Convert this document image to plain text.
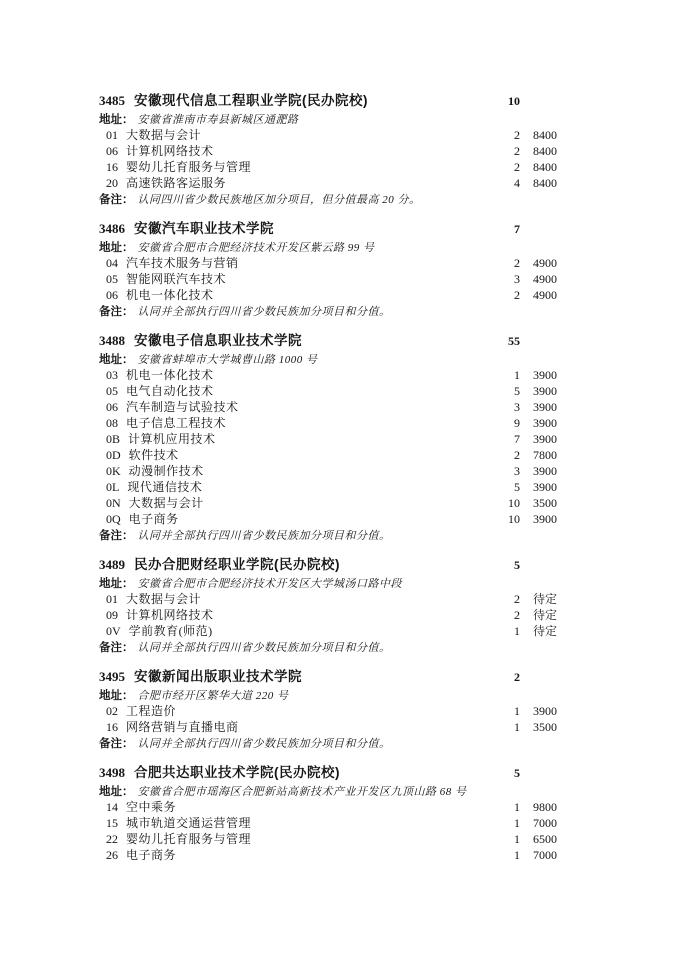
3485 安徽现代信息工程职业学院(民办院校)	10
地址： 安徽省淮南市寿县新城区通淝路
01 大数据与会计	2	8400
06 计算机网络技术	2	8400
16 婴幼儿托育服务与管理	2	8400
20 高速铁路客运服务	4	8400
备注： 认同四川省少数民族地区加分项目，但分值最高 20 分。
3486 安徽汽车职业技术学院	7
地址： 安徽省合肥市合肥经济技术开发区紫云路 99 号
04 汽车技术服务与营销	2	4900
05 智能网联汽车技术	3	4900
06 机电一体化技术	2	4900
备注： 认同并全部执行四川省少数民族加分项目和分值。
3488 安徽电子信息职业技术学院	55
地址： 安徽省蚌埠市大学城曹山路 1000 号
03 机电一体化技术	1	3900
05 电气自动化技术	5	3900
06 汽车制造与试验技术	3	3900
08 电子信息工程技术	9	3900
0B 计算机应用技术	7	3900
0D 软件技术	2	7800
0K 动漫制作技术	3	3900
0L 现代通信技术	5	3900
0N 大数据与会计	10	3500
0Q 电子商务	10	3900
备注： 认同并全部执行四川省少数民族加分项目和分值。
3489 民办合肥财经职业学院(民办院校)	5
地址： 安徽省合肥市合肥经济技术开发区大学城汤口路中段
01 大数据与会计	2	待定
09 计算机网络技术	2	待定
0V 学前教育(师范)	1	待定
备注： 认同并全部执行四川省少数民族加分项目和分值。
3495 安徽新闻出版职业技术学院	2
地址： 合肥市经开区繁华大道 220 号
02 工程造价	1	3900
16 网络营销与直播电商	1	3500
备注： 认同并全部执行四川省少数民族加分项目和分值。
3498 合肥共达职业技术学院(民办院校)	5
地址： 安徽省合肥市瑶海区合肥新站高新技术产业开发区九顶山路 68 号
14 空中乘务	1	9800
15 城市轨道交通运营管理	1	7000
22 婴幼儿托育服务与管理	1	6500
26 电子商务	1	7000
